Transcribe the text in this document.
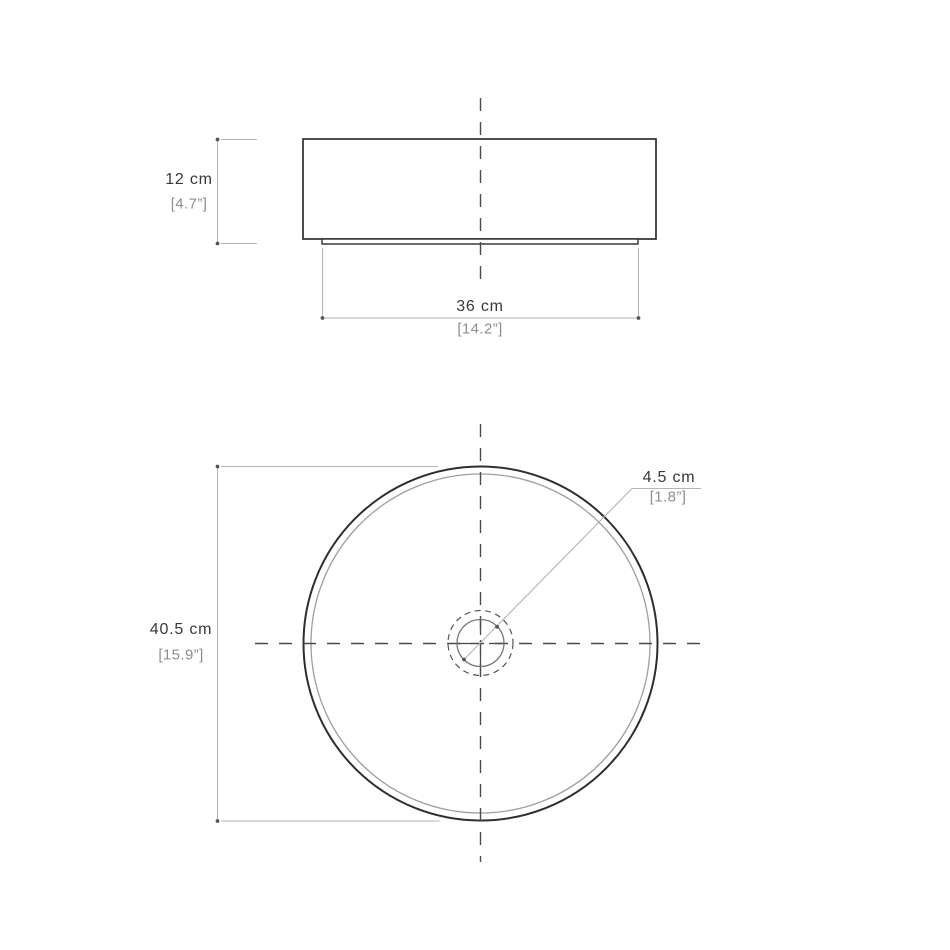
12 cm
[4.7”]
36 cm
[14.2”]
40.5 cm
[15.9”]
4.5 cm
[1.8”]
